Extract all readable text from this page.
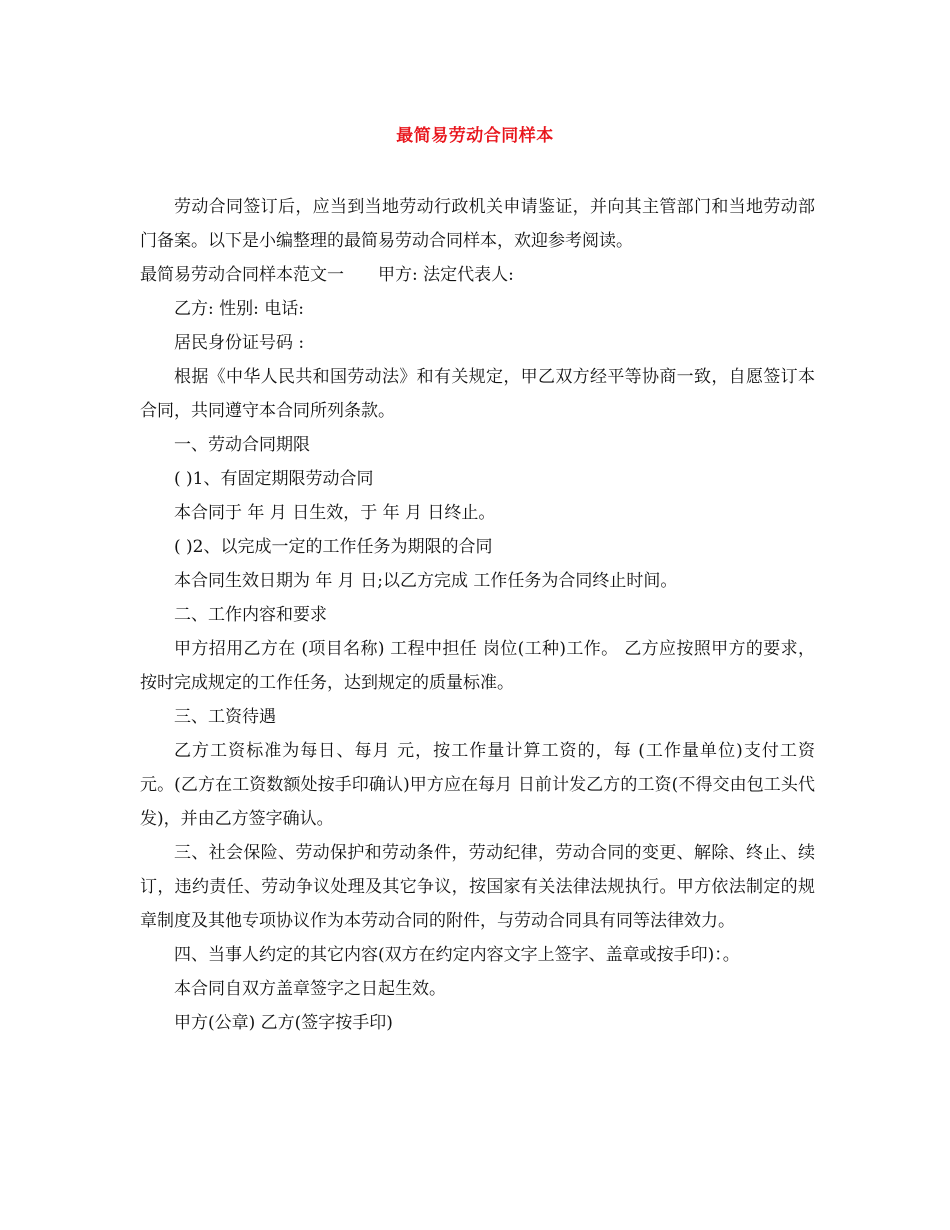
最简易劳动合同样本

劳动合同签订后，应当到当地劳动行政机关申请鉴证，并向其主管部门和当地劳动部门备案。以下是小编整理的最简易劳动合同样本，欢迎参考阅读。

最简易劳动合同样本范文一　　甲方: 法定代表人:

乙方: 性别: 电话:

居民身份证号码 :

根据《中华人民共和国劳动法》和有关规定，甲乙双方经平等协商一致，自愿签订本合同，共同遵守本合同所列条款。

一、劳动合同期限

( )1、有固定期限劳动合同

本合同于 年 月 日生效，于 年 月 日终止。

( )2、以完成一定的工作任务为期限的合同

本合同生效日期为 年 月 日;以乙方完成 工作任务为合同终止时间。

二、工作内容和要求

甲方招用乙方在 (项目名称) 工程中担任 岗位(工种)工作。 乙方应按照甲方的要求，按时完成规定的工作任务，达到规定的质量标准。

三、工资待遇

乙方工资标准为每日、每月 元，按工作量计算工资的，每 (工作量单位)支付工资 元。(乙方在工资数额处按手印确认)甲方应在每月 日前计发乙方的工资(不得交由包工头代发)，并由乙方签字确认。

三、社会保险、劳动保护和劳动条件，劳动纪律，劳动合同的变更、解除、终止、续订，违约责任、劳动争议处理及其它争议，按国家有关法律法规执行。甲方依法制定的规章制度及其他专项协议作为本劳动合同的附件，与劳动合同具有同等法律效力。

四、当事人约定的其它内容(双方在约定内容文字上签字、盖章或按手印)：。

本合同自双方盖章签字之日起生效。

甲方(公章) 乙方(签字按手印)
